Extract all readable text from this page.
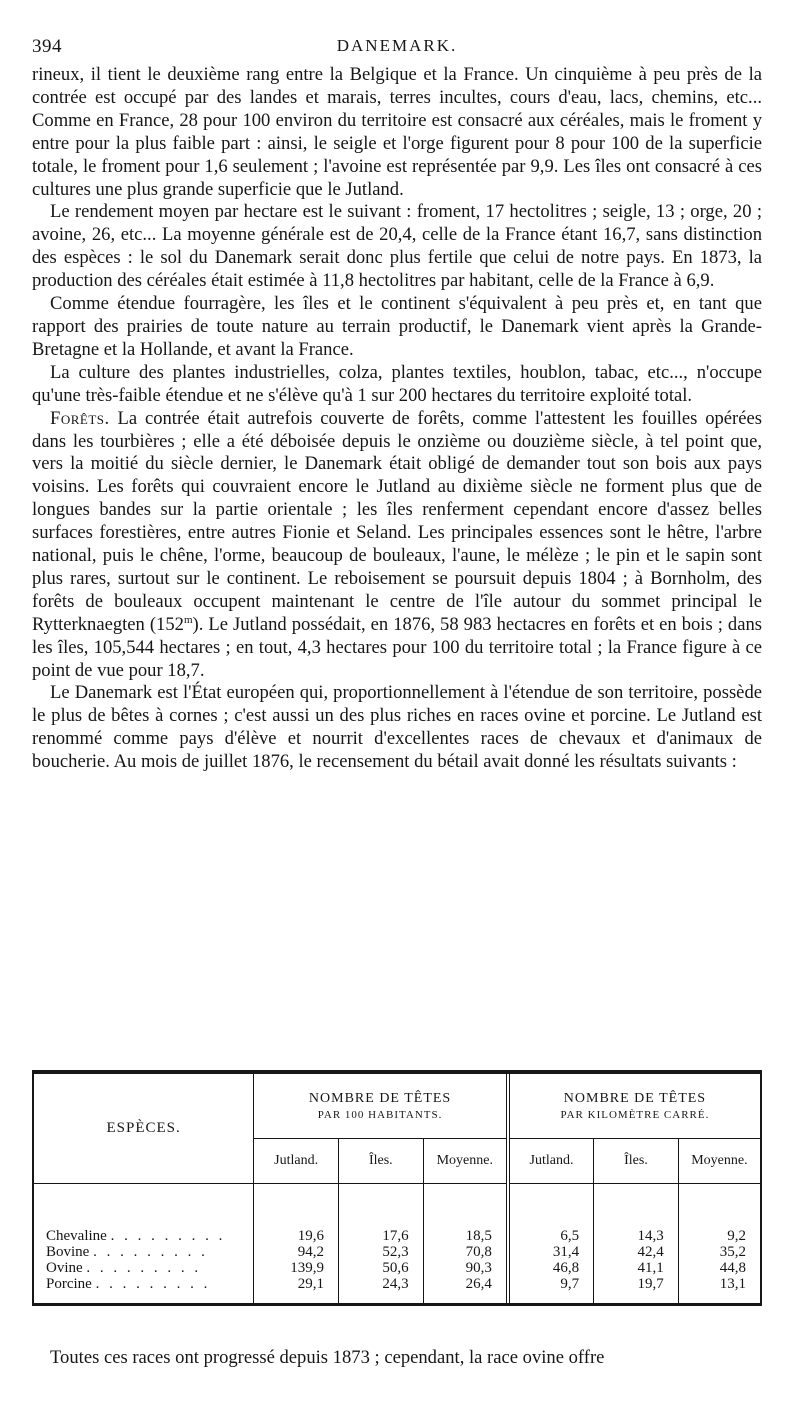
394	DANEMARK.

rineux, il tient le deuxième rang entre la Belgique et la France. Un cinquième à peu près de la contrée est occupé par des landes et marais, terres incultes, cours d'eau, lacs, chemins, etc... Comme en France, 28 pour 100 environ du territoire est consacré aux céréales, mais le froment y entre pour la plus faible part : ainsi, le seigle et l'orge figurent pour 8 pour 100 de la superficie totale, le froment pour 1,6 seulement ; l'avoine est représentée par 9,9. Les îles ont consacré à ces cultures une plus grande superficie que le Jutland.

Le rendement moyen par hectare est le suivant : froment, 17 hectolitres ; seigle, 13 ; orge, 20 ; avoine, 26, etc... La moyenne générale est de 20,4, celle de la France étant 16,7, sans distinction des espèces : le sol du Danemark serait donc plus fertile que celui de notre pays. En 1873, la production des céréales était estimée à 11,8 hectolitres par habitant, celle de la France à 6,9.

Comme étendue fourragère, les îles et le continent s'équivalent à peu près et, en tant que rapport des prairies de toute nature au terrain productif, le Danemark vient après la Grande-Bretagne et la Hollande, et avant la France.

La culture des plantes industrielles, colza, plantes textiles, houblon, tabac, etc..., n'occupe qu'une très-faible étendue et ne s'élève qu'à 1 sur 200 hectares du territoire exploité total.

Forêts. La contrée était autrefois couverte de forêts, comme l'attestent les fouilles opérées dans les tourbières ; elle a été déboisée depuis le onzième ou douzième siècle, à tel point que, vers la moitié du siècle dernier, le Danemark était obligé de demander tout son bois aux pays voisins. Les forêts qui couvraient encore le Jutland au dixième siècle ne forment plus que de longues bandes sur la partie orientale ; les îles renferment cependant encore d'assez belles surfaces forestières, entre autres Fionie et Seland. Les principales essences sont le hêtre, l'arbre national, puis le chêne, l'orme, beaucoup de bouleaux, l'aune, le mélèze ; le pin et le sapin sont plus rares, surtout sur le continent. Le reboisement se poursuit depuis 1804 ; à Bornholm, des forêts de bouleaux occupent maintenant le centre de l'île autour du sommet principal le Rytterknaegten (152$^m$). Le Jutland possédait, en 1876, 58 983 hectacres en forêts et en bois ; dans les îles, 105,544 hectares ; en tout, 4,3 hectares pour 100 du territoire total ; la France figure à ce point de vue pour 18,7.

Le Danemark est l'État européen qui, proportionnellement à l'étendue de son territoire, possède le plus de bêtes à cornes ; c'est aussi un des plus riches en races ovine et porcine. Le Jutland est renommé comme pays d'élève et nourrit d'excellentes races de chevaux et d'animaux de boucherie. Au mois de juillet 1876, le recensement du bétail avait donné les résultats suivants :

ESPÈCES.	NOMBRE DE TÊTES
PAR 100 HABITANTS.			NOMBRE DE TÊTES
PAR KILOMÈTRE CARRÉ.		

	Jutland.	Îles.	Moyenne.	Jutland.	Îles.	Moyenne.

Chevaline . . . . . . . . .	19,6	17,6	18,5	6,5	14,3	9,2
Bovine . . . . . . . . .	94,2	52,3	70,8	31,4	42,4	35,2
Ovine . . . . . . . . .	139,9	50,6	90,3	46,8	41,1	44,8
Porcine . . . . . . . . .	29,1	24,3	26,4	9,7	19,7	13,1

Toutes ces races ont progressé depuis 1873 ; cependant, la race ovine offre
